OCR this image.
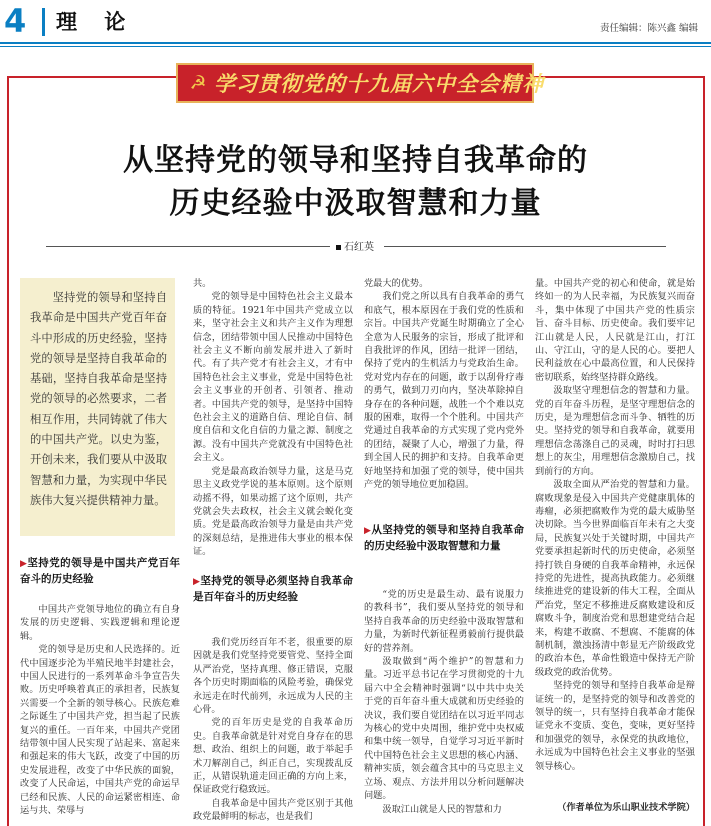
4 理 论	责任编辑：陈兴鑫 编辑
☭ 学习贯彻党的十九届六中全会精神
从坚持党的领导和坚持自我革命的
历史经验中汲取智慧和力量
石红英

坚持党的领导和坚持自我革命是中国共产党百年奋斗中形成的历史经验，坚持党的领导是坚持自我革命的基础，坚持自我革命是坚持党的领导的必然要求，二者相互作用，共同铸就了伟大的中国共产党。以史为鉴，开创未来，我们要从中汲取智慧和力量，为实现中华民族伟大复兴提供精神力量。

▶坚持党的领导是中国共产党百年奋斗的历史经验

中国共产党领导地位的确立有自身发展的历史逻辑、实践逻辑和理论逻辑。

党的领导是历史和人民选择的。近代中国逐步沦为半殖民地半封建社会，中国人民进行的一系列革命斗争宣告失败。历史呼唤着真正的承担者，民族复兴需要一个全新的领导核心。民族危难之际诞生了中国共产党，担当起了民族复兴的重任。一百年来，中国共产党团结带领中国人民实现了站起来、富起来和强起来的伟大飞跃，改变了中国的历史发展进程，改变了中华民族的面貌，改变了人民命运，中国共产党的命运早已经和民族、人民的命运紧密相连、命运与共、荣辱与

共。

党的领导是中国特色社会主义最本质的特征。1921年中国共产党成立以来，坚守社会主义和共产主义作为理想信念，团结带领中国人民推动中国特色社会主义不断向前发展并进入了新时代。有了共产党才有社会主义，才有中国特色社会主义事业，党是中国特色社会主义事业的开创者、引领者、推动者。中国共产党的领导，是坚持中国特色社会主义的道路自信、理论自信、制度自信和文化自信的力量之源、制度之源。没有中国共产党就没有中国特色社会主义。

党是最高政治领导力量，这是马克思主义政党学说的基本原则。这个原则动摇不得，如果动摇了这个原则，共产党就会失去政权，社会主义就会蜕化变质。党是最高政治领导力量是由共产党的深刻总结，是推进伟大事业的根本保证。

▶坚持党的领导必须坚持自我革命是百年奋斗的历史经验

我们党历经百年不老，很重要的原因就是我们党坚持党要管党、坚持全面从严治党，坚持真理、修正错误，克服各个历史时期面临的风险考验，确保党永远走在时代前列，永远成为人民的主心骨。

党的百年历史是党的自我革命历史。自我革命就是针对党自身存在的思想、政治、组织上的问题，敢于举起手术刀解剖自己，纠正自己，实现拨乱反正，从错误轨道走回正确的方向上来，保证政党行稳致远。

自我革命是中国共产党区别于其他政党最鲜明的标志，也是我们

党最大的优势。

我们党之所以具有自我革命的勇气和底气，根本原因在于我们党的性质和宗旨。中国共产党诞生时期确立了全心全意为人民服务的宗旨，形成了批评和自我批评的作风，团结一批评一团结，保持了党内的生机活力与党政治生命。党对党内存在的问题，敢于以刮骨疗毒的勇气，做到刀刃向内，坚决革除掉自身存在的各种问题，战胜一个个难以克服的困难，取得一个个胜利。中国共产党通过自我革命的方式实现了党内党外的团结，凝聚了人心，增强了力量，得到全国人民的拥护和支持。自我革命更好地坚持和加强了党的领导，使中国共产党的领导地位更加稳固。

▶从坚持党的领导和坚持自我革命的历史经验中汲取智慧和力量

“党的历史是最生动、最有说服力的教科书”，我们要从坚持党的领导和坚持自我革命的历史经验中汲取智慧和力量，为新时代新征程勇毅前行提供最好的营养剂。

汲取做到“两个维护”的智慧和力量。习近平总书记在学习贯彻党的十九届六中全会精神时强调“以中共中央关于党的百年奋斗重大成就和历史经验的决议，我们要自觉团结在以习近平同志为核心的党中央周围，维护党中央权威和集中统一领导，自觉学习习近平新时代中国特色社会主义思想的核心内涵、精神实质，领会蕴含其中的马克思主义立场、观点、方法并用以分析问题解决问题。

汲取江山就是人民的智慧和力

量。中国共产党的初心和使命，就是始终如一的为人民幸福，为民族复兴而奋斗，集中体现了中国共产党的性质宗旨、奋斗目标、历史使命。我们要牢记江山就是人民，人民就是江山，打江山、守江山，守的是人民的心。要把人民利益放在心中最高位置，和人民保持密切联系，始终坚持群众路线。

汲取坚守理想信念的智慧和力量。党的百年奋斗历程，是坚守理想信念的历史，是为理想信念而斗争、牺牲的历史。坚持党的领导和自我革命，就要用理想信念荡涤自己的灵魂，时时打扫思想上的灰尘，用理想信念激励自己，找到前行的方向。

汲取全面从严治党的智慧和力量。腐败现象是侵入中国共产党健康肌体的毒瘤，必须把腐败作为党的最大威胁坚决切除。当今世界面临百年未有之大变局，民族复兴处于关键时期，中国共产党要承担起新时代的历史使命，必须坚持打铁自身硬的自我革命精神，永远保持党的先进性，提高执政能力。必须继续推进党的建设新的伟大工程，全面从严治党，坚定不移推进反腐败建设和反腐败斗争，制度治党和思想建党结合起来，构建不敢腐、不想腐、不能腐的体制机制，激浊扬清中彰显无产阶级政党的政治本色，革命性锻造中保持无产阶级政党的政治优势。

坚持党的领导和坚持自我革命是辩证统一的，是坚持党的领导和改善党的领导的统一，只有坚持自我革命才能保证党永不变质、变色，变味，更好坚持和加强党的领导，永保党的执政地位，永远成为中国特色社会主义事业的坚强领导核心。

（作者单位为乐山职业技术学院）
